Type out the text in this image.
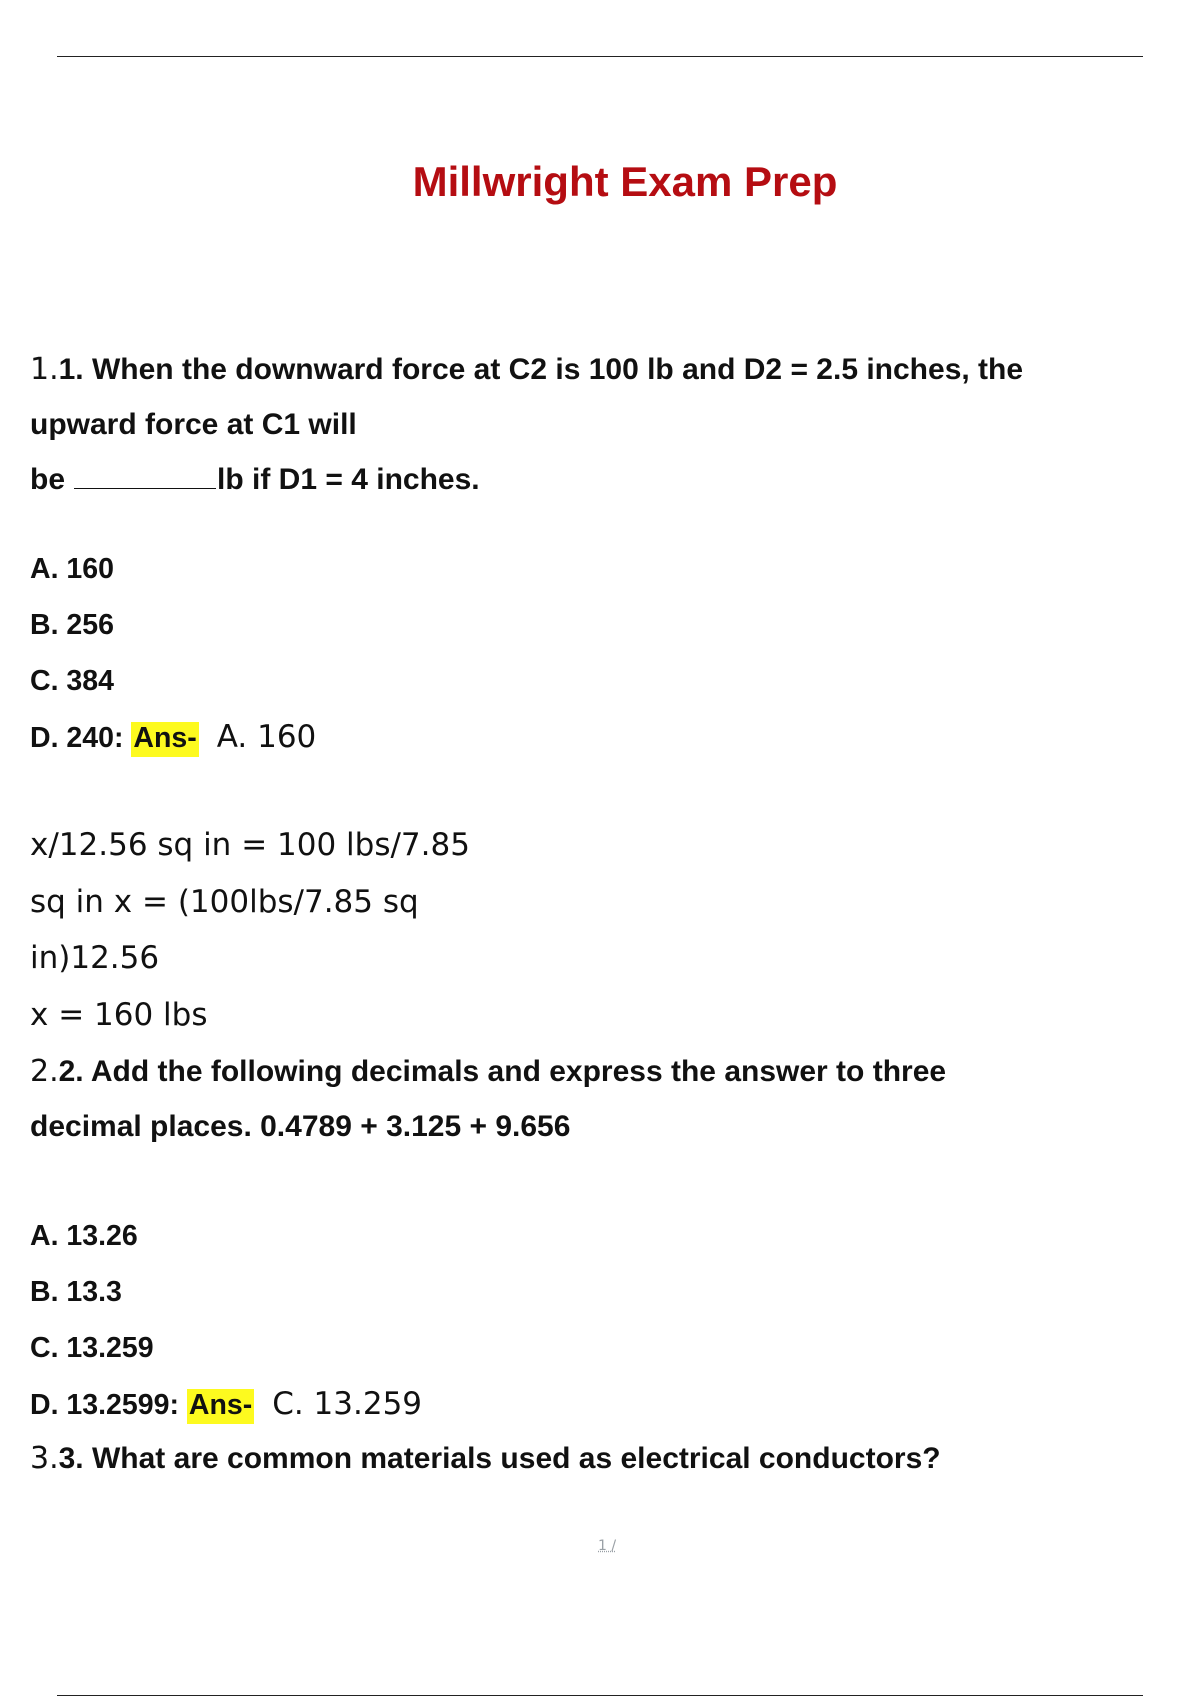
Millwright Exam Prep
1.1. When the downward force at C2 is 100 lb and D2 = 2.5 inches, the
upward force at C1 will
be	lb if D1 = 4 inches.
A. 160
B. 256
C. 384
D. 240: Ans- A. 160
x/12.56 sq in = 100 lbs/7.85
sq in x = (100lbs/7.85 sq
in)12.56
x = 160 lbs
2.2. Add the following decimals and express the answer to three
decimal places. 0.4789 + 3.125 + 9.656
A. 13.26
B. 13.3
C. 13.259
D. 13.2599: Ans- C. 13.259
3.3. What are common materials used as electrical conductors?
1 /
